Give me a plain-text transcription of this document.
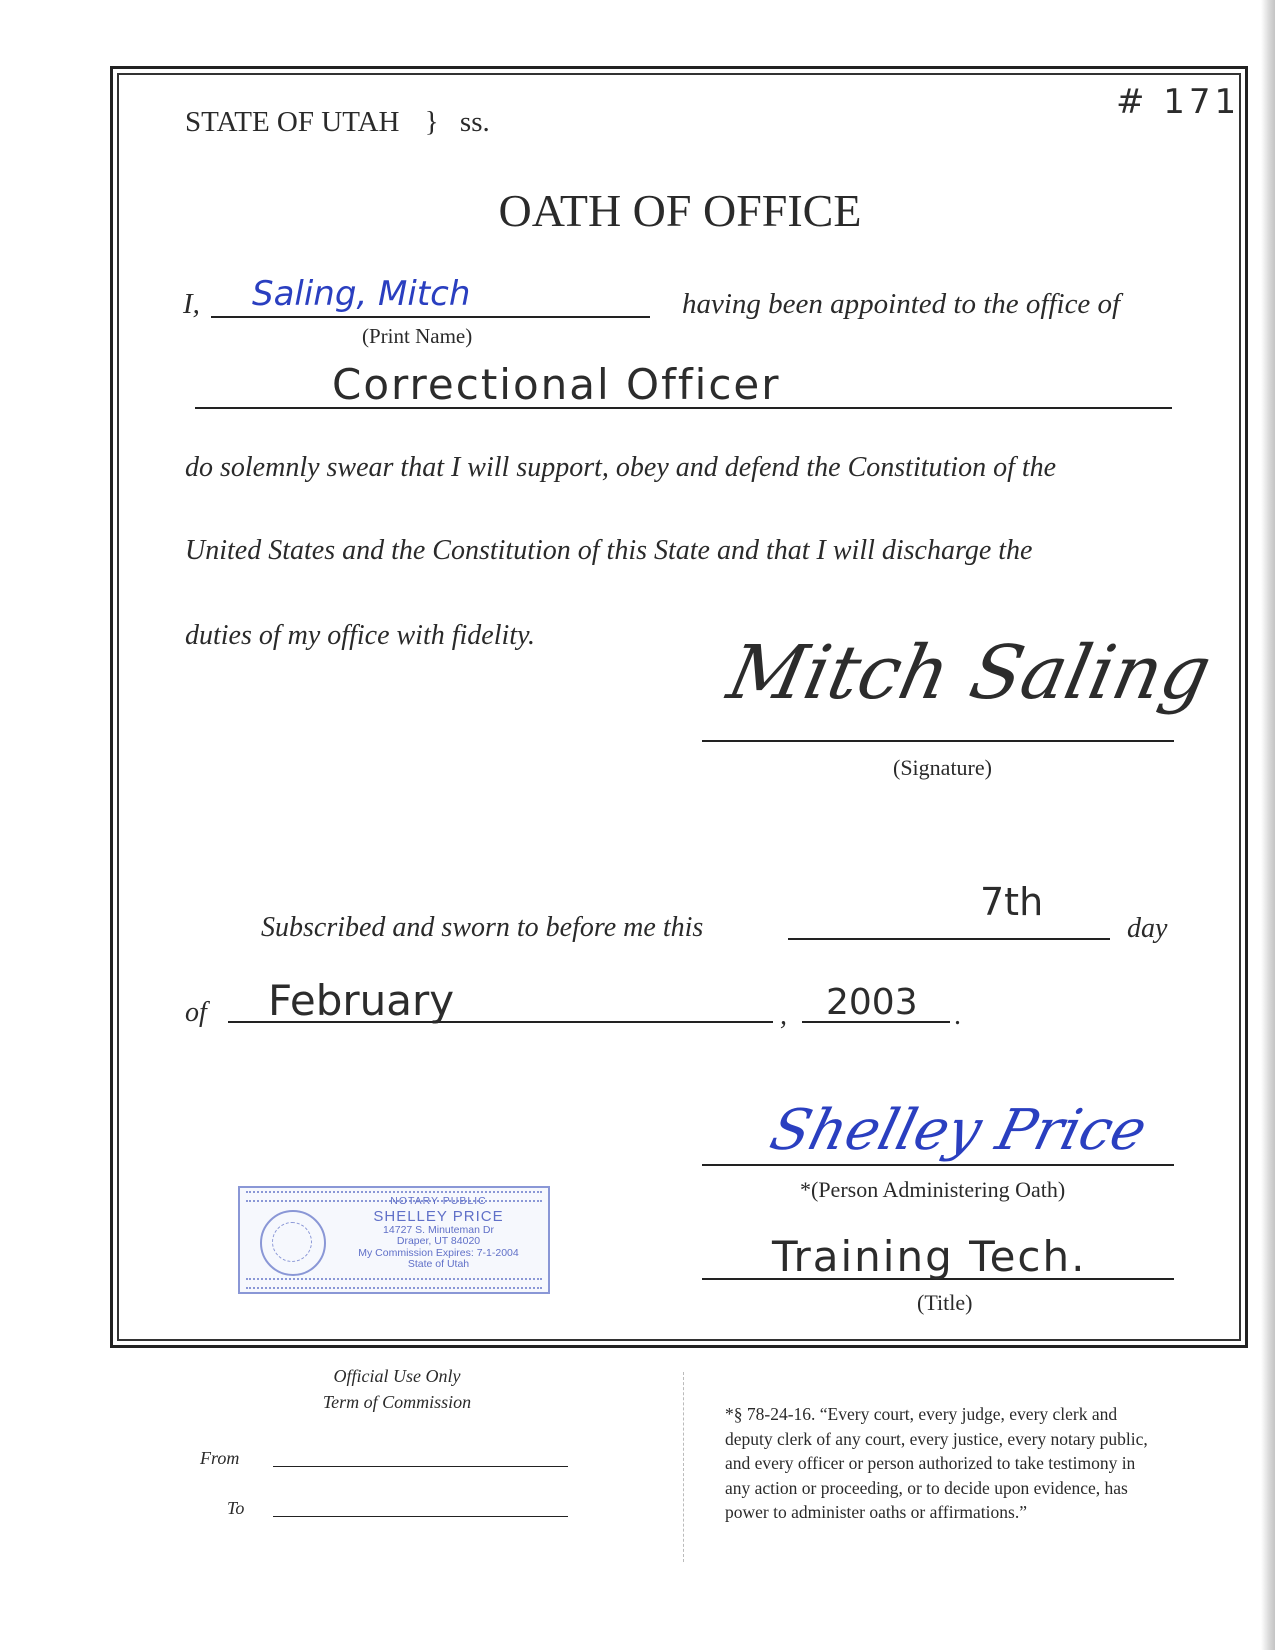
STATE OF UTAH } ss.	# 171
OATH OF OFFICE
I, Saling, Mitch
(Print Name)
having been appointed to the office of
Correctional Officer
do solemnly swear that I will support, obey and defend the Constitution of the
United States and the Constitution of this State and that I will discharge the
duties of my office with fidelity.	Mitch Saling
(Signature)
Subscribed and sworn to before me this
7th
day
of February	, 2003 .
Shelley Price
*(Person Administering Oath)
Training Tech.
(Title)
NOTARY PUBLIC
SHELLEY PRICE
14727 S. Minuteman Dr
Draper, UT 84020
My Commission Expires: 7-1-2004
State of Utah
Official Use Only
Term of Commission
From
To
*§ 78-24-16. “Every court, every judge, every clerk and
deputy clerk of any court, every justice, every notary public,
and every officer or person authorized to take testimony in
any action or proceeding, or to decide upon evidence, has
power to administer oaths or affirmations.”
